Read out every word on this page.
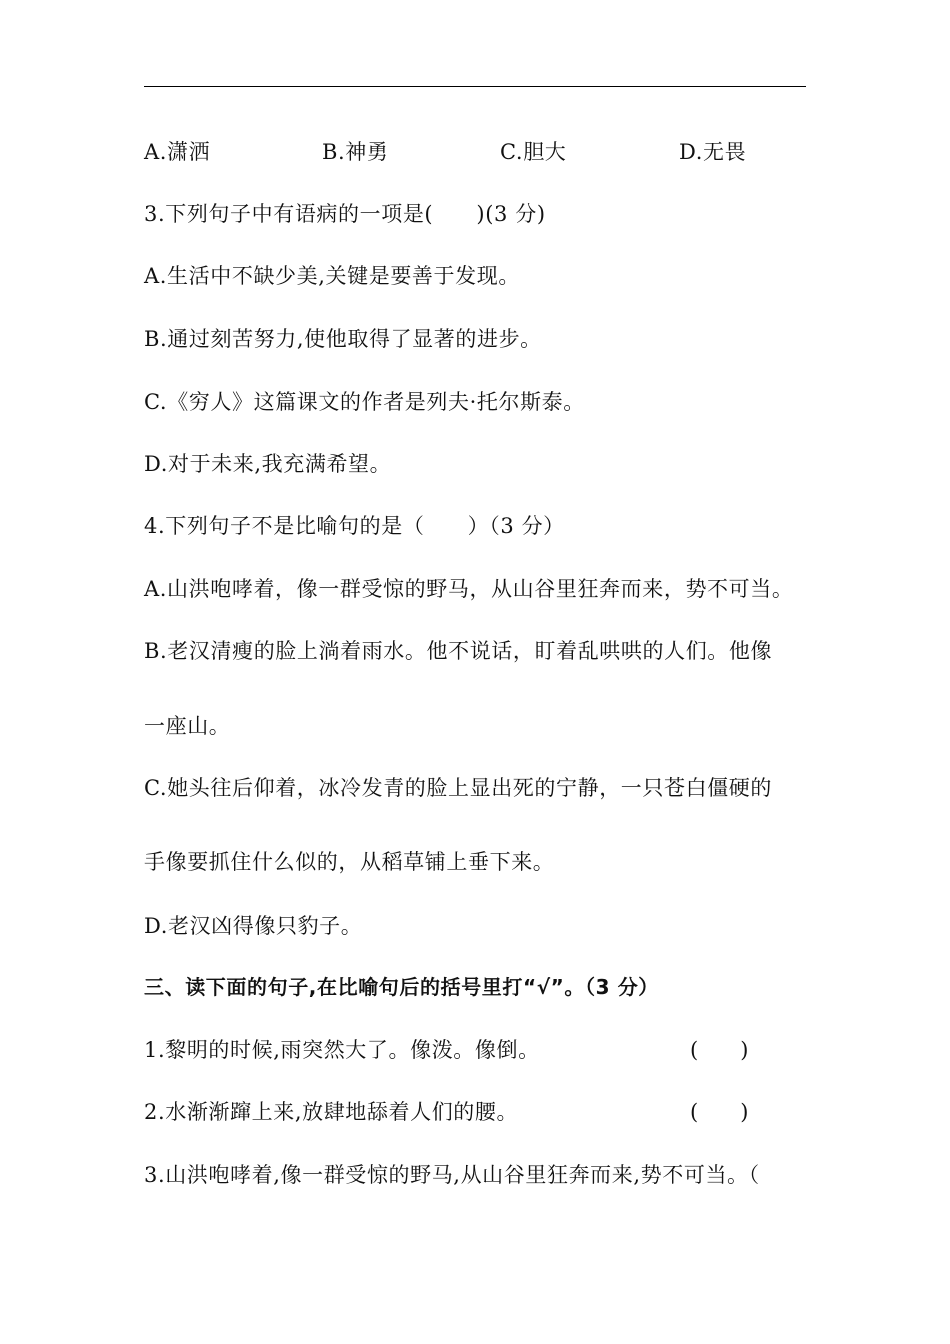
A.潇洒	B.神勇	C.胆大	D.无畏
3.下列句子中有语病的一项是(　　)(3 分)
A.生活中不缺少美,关键是要善于发现。
B.通过刻苦努力,使他取得了显著的进步。
C.《穷人》这篇课文的作者是列夫·托尔斯泰。
D.对于未来,我充满希望。
4.下列句子不是比喻句的是（　　）（3 分）
A.山洪咆哮着，像一群受惊的野马，从山谷里狂奔而来，势不可当。
B.老汉清瘦的脸上淌着雨水。他不说话，盯着乱哄哄的人们。他像
一座山。
C.她头往后仰着，冰冷发青的脸上显出死的宁静，一只苍白僵硬的
手像要抓住什么似的，从稻草铺上垂下来。
D.老汉凶得像只豹子。
三、读下面的句子,在比喻句后的括号里打“√”。（3 分）
1.黎明的时候,雨突然大了。像泼。像倒。	(　　)
2.水渐渐蹿上来,放肆地舔着人们的腰。	(　　)
3.山洪咆哮着,像一群受惊的野马,从山谷里狂奔而来,势不可当。（
